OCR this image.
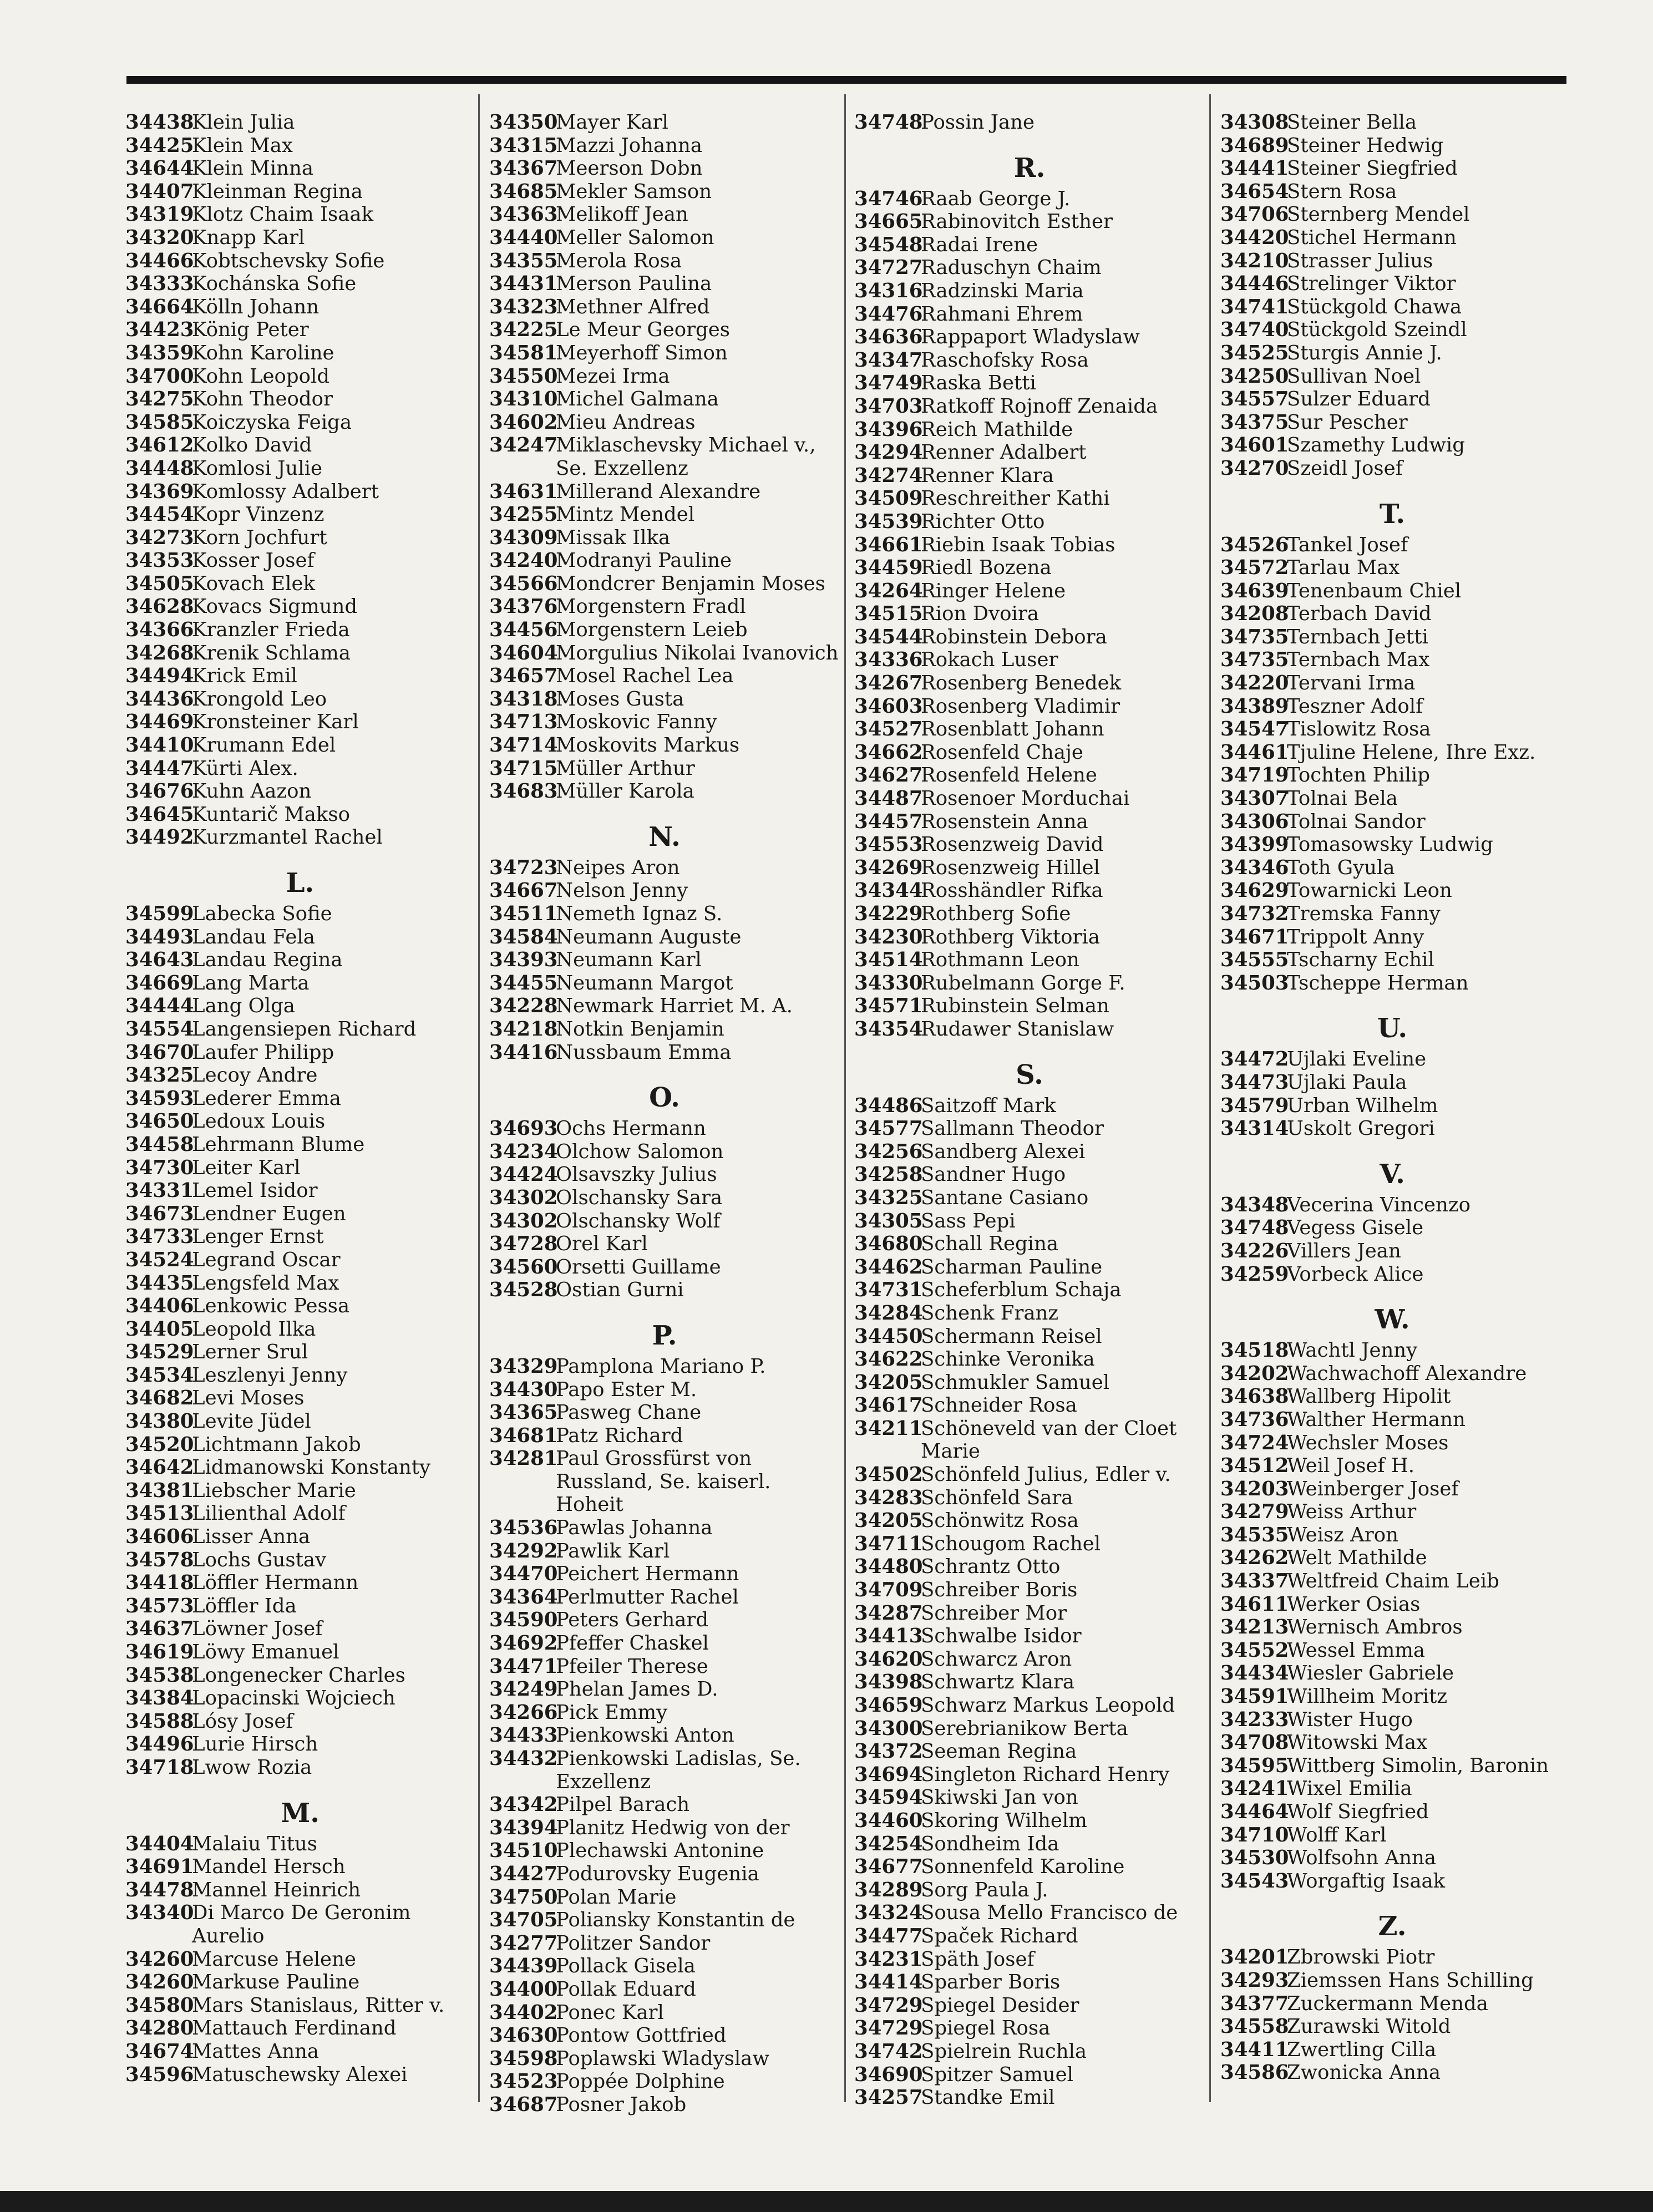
34438
Klein Julia
34425
Klein Max
34644
Klein Minna
34407
Kleinman Regina
34319
Klotz Chaim Isaak
34320
Knapp Karl
34466
Kobtschevsky Sofie
34333
Kochánska Sofie
34664
Kölln Johann
34423
König Peter
34359
Kohn Karoline
34700
Kohn Leopold
34275
Kohn Theodor
34585
Koiczyska Feiga
34612
Kolko David
34448
Komlosi Julie
34369
Komlossy Adalbert
34454
Kopr Vinzenz
34273
Korn Jochfurt
34353
Kosser Josef
34505
Kovach Elek
34628
Kovacs Sigmund
34366
Kranzler Frieda
34268
Krenik Schlama
34494
Krick Emil
34436
Krongold Leo
34469
Kronsteiner Karl
34410
Krumann Edel
34447
Kürti Alex.
34676
Kuhn Aazon
34645
Kuntarič Makso
34492
Kurzmantel Rachel
L.
34599
Labecka Sofie
34493
Landau Fela
34643
Landau Regina
34669
Lang Marta
34444
Lang Olga
34554
Langensiepen Richard
34670
Laufer Philipp
34325
Lecoy Andre
34593
Lederer Emma
34650
Ledoux Louis
34458
Lehrmann Blume
34730
Leiter Karl
34331
Lemel Isidor
34673
Lendner Eugen
34733
Lenger Ernst
34524
Legrand Oscar
34435
Lengsfeld Max
34406
Lenkowic Pessa
34405
Leopold Ilka
34529
Lerner Srul
34534
Leszlenyi Jenny
34682
Levi Moses
34380
Levite Jüdel
34520
Lichtmann Jakob
34642
Lidmanowski Konstanty
34381
Liebscher Marie
34513
Lilienthal Adolf
34606
Lisser Anna
34578
Lochs Gustav
34418
Löffler Hermann
34573
Löffler Ida
34637
Löwner Josef
34619
Löwy Emanuel
34538
Longenecker Charles
34384
Lopacinski Wojciech
34588
Lósy Josef
34496
Lurie Hirsch
34718
Lwow Rozia
M.
34404
Malaiu Titus
34691
Mandel Hersch
34478
Mannel Heinrich
34340
Di Marco De Geronim Aurelio
34260
Marcuse Helene
34260
Markuse Pauline
34580
Mars Stanislaus, Ritter v.
34280
Mattauch Ferdinand
34674
Mattes Anna
34596
Matuschewsky Alexei
34350
Mayer Karl
34315
Mazzi Johanna
34367
Meerson Dobn
34685
Mekler Samson
34363
Melikoff Jean
34440
Meller Salomon
34355
Merola Rosa
34431
Merson Paulina
34323
Methner Alfred
34225
Le Meur Georges
34581
Meyerhoff Simon
34550
Mezei Irma
34310
Michel Galmana
34602
Mieu Andreas
34247
Miklaschevsky Michael v., Se. Exzellenz
34631
Millerand Alexandre
34255
Mintz Mendel
34309
Missak Ilka
34240
Modranyi Pauline
34566
Mondcrer Benjamin Moses
34376
Morgenstern Fradl
34456
Morgenstern Leieb
34604
Morgulius Nikolai Ivanovich
34657
Mosel Rachel Lea
34318
Moses Gusta
34713
Moskovic Fanny
34714
Moskovits Markus
34715
Müller Arthur
34683
Müller Karola
N.
34723
Neipes Aron
34667
Nelson Jenny
34511
Nemeth Ignaz S.
34584
Neumann Auguste
34393
Neumann Karl
34455
Neumann Margot
34228
Newmark Harriet M. A.
34218
Notkin Benjamin
34416
Nussbaum Emma
O.
34693
Ochs Hermann
34234
Olchow Salomon
34424
Olsavszky Julius
34302
Olschansky Sara
34302
Olschansky Wolf
34728
Orel Karl
34560
Orsetti Guillame
34528
Ostian Gurni
P.
34329
Pamplona Mariano P.
34430
Papo Ester M.
34365
Pasweg Chane
34681
Patz Richard
34281
Paul Grossfürst von Russland, Se. kaiserl. Hoheit
34536
Pawlas Johanna
34292
Pawlik Karl
34470
Peichert Hermann
34364
Perlmutter Rachel
34590
Peters Gerhard
34692
Pfeffer Chaskel
34471
Pfeiler Therese
34249
Phelan James D.
34266
Pick Emmy
34433
Pienkowski Anton
34432
Pienkowski Ladislas, Se. Exzellenz
34342
Pilpel Barach
34394
Planitz Hedwig von der
34510
Plechawski Antonine
34427
Podurovsky Eugenia
34750
Polan Marie
34705
Poliansky Konstantin de
34277
Politzer Sandor
34439
Pollack Gisela
34400
Pollak Eduard
34402
Ponec Karl
34630
Pontow Gottfried
34598
Poplawski Wladyslaw
34523
Poppée Dolphine
34687
Posner Jakob
34748
Possin Jane
R.
34746
Raab George J.
34665
Rabinovitch Esther
34548
Radai Irene
34727
Raduschyn Chaim
34316
Radzinski Maria
34476
Rahmani Ehrem
34636
Rappaport Wladyslaw
34347
Raschofsky Rosa
34749
Raska Betti
34703
Ratkoff Rojnoff Zenaida
34396
Reich Mathilde
34294
Renner Adalbert
34274
Renner Klara
34509
Reschreither Kathi
34539
Richter Otto
34661
Riebin Isaak Tobias
34459
Riedl Bozena
34264
Ringer Helene
34515
Rion Dvoira
34544
Robinstein Debora
34336
Rokach Luser
34267
Rosenberg Benedek
34603
Rosenberg Vladimir
34527
Rosenblatt Johann
34662
Rosenfeld Chaje
34627
Rosenfeld Helene
34487
Rosenoer Morduchai
34457
Rosenstein Anna
34553
Rosenzweig David
34269
Rosenzweig Hillel
34344
Rosshändler Rifka
34229
Rothberg Sofie
34230
Rothberg Viktoria
34514
Rothmann Leon
34330
Rubelmann Gorge F.
34571
Rubinstein Selman
34354
Rudawer Stanislaw
S.
34486
Saitzoff Mark
34577
Sallmann Theodor
34256
Sandberg Alexei
34258
Sandner Hugo
34325
Santane Casiano
34305
Sass Pepi
34680
Schall Regina
34462
Scharman Pauline
34731
Scheferblum Schaja
34284
Schenk Franz
34450
Schermann Reisel
34622
Schinke Veronika
34205
Schmukler Samuel
34617
Schneider Rosa
34211
Schöneveld van der Cloet Marie
34502
Schönfeld Julius, Edler v.
34283
Schönfeld Sara
34205
Schönwitz Rosa
34711
Schougom Rachel
34480
Schrantz Otto
34709
Schreiber Boris
34287
Schreiber Mor
34413
Schwalbe Isidor
34620
Schwarcz Aron
34398
Schwartz Klara
34659
Schwarz Markus Leopold
34300
Serebrianikow Berta
34372
Seeman Regina
34694
Singleton Richard Henry
34594
Skiwski Jan von
34460
Skoring Wilhelm
34254
Sondheim Ida
34677
Sonnenfeld Karoline
34289
Sorg Paula J.
34324
Sousa Mello Francisco de
34477
Spaček Richard
34231
Späth Josef
34414
Sparber Boris
34729
Spiegel Desider
34729
Spiegel Rosa
34742
Spielrein Ruchla
34690
Spitzer Samuel
34257
Standke Emil
34308
Steiner Bella
34689
Steiner Hedwig
34441
Steiner Siegfried
34654
Stern Rosa
34706
Sternberg Mendel
34420
Stichel Hermann
34210
Strasser Julius
34446
Strelinger Viktor
34741
Stückgold Chawa
34740
Stückgold Szeindl
34525
Sturgis Annie J.
34250
Sullivan Noel
34557
Sulzer Eduard
34375
Sur Pescher
34601
Szamethy Ludwig
34270
Szeidl Josef
T.
34526
Tankel Josef
34572
Tarlau Max
34639
Tenenbaum Chiel
34208
Terbach David
34735
Ternbach Jetti
34735
Ternbach Max
34220
Tervani Irma
34389
Teszner Adolf
34547
Tislowitz Rosa
34461
Tjuline Helene, Ihre Exz.
34719
Tochten Philip
34307
Tolnai Bela
34306
Tolnai Sandor
34399
Tomasowsky Ludwig
34346
Toth Gyula
34629
Towarnicki Leon
34732
Tremska Fanny
34671
Trippolt Anny
34555
Tscharny Echil
34503
Tscheppe Herman
U.
34472
Ujlaki Eveline
34473
Ujlaki Paula
34579
Urban Wilhelm
34314
Uskolt Gregori
V.
34348
Vecerina Vincenzo
34748
Vegess Gisele
34226
Villers Jean
34259
Vorbeck Alice
W.
34518
Wachtl Jenny
34202
Wachwachoff Alexandre
34638
Wallberg Hipolit
34736
Walther Hermann
34724
Wechsler Moses
34512
Weil Josef H.
34203
Weinberger Josef
34279
Weiss Arthur
34535
Weisz Aron
34262
Welt Mathilde
34337
Weltfreid Chaim Leib
34611
Werker Osias
34213
Wernisch Ambros
34552
Wessel Emma
34434
Wiesler Gabriele
34591
Willheim Moritz
34233
Wister Hugo
34708
Witowski Max
34595
Wittberg Simolin, Baronin
34241
Wixel Emilia
34464
Wolf Siegfried
34710
Wolff Karl
34530
Wolfsohn Anna
34543
Worgaftig Isaak
Z.
34201
Zbrowski Piotr
34293
Ziemssen Hans Schilling
34377
Zuckermann Menda
34558
Zurawski Witold
34411
Zwertling Cilla
34586
Zwonicka Anna
